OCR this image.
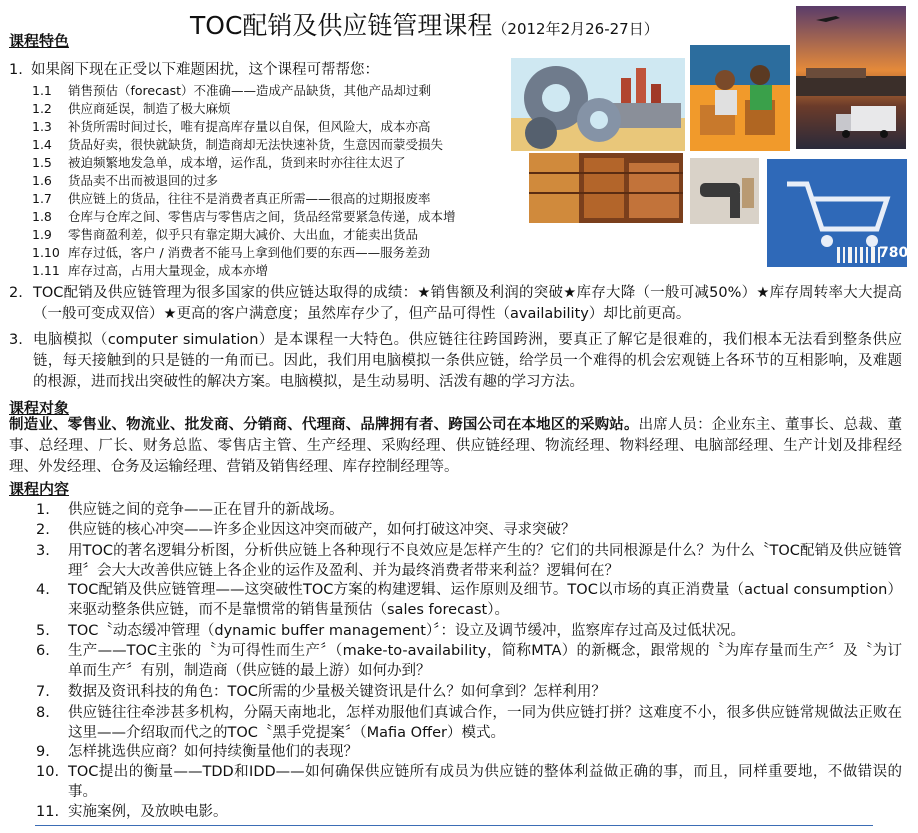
TOC配销及供应链管理课程（2012年2月26-27日）
课程特色
1. 如果阁下现在正受以下难题困扰，这个课程可帮帮您：
1.1 销售预估（forecast）不准确——造成产品缺货，其他产品却过剩
1.2 供应商延误，制造了极大麻烦
1.3 补货所需时间过长，唯有提高库存量以自保，但风险大，成本亦高
1.4 货品好卖，很快就缺货，制造商却无法快速补货，生意因而蒙受损失
1.5 被迫频繁地发急单，成本增，运作乱，货到来时亦往往太迟了
1.6 货品卖不出而被退回的过多
1.7 供应链上的货品，往往不是消费者真正所需——很高的过期报废率
1.8 仓库与仓库之间、零售店与零售店之间，货品经常要紧急传递，成本增
1.9 零售商盈利差，似乎只有靠定期大减价、大出血，才能卖出货品
1.10 库存过低，客户 / 消费者不能马上拿到他们要的东西——服务差劲
1.11 库存过高，占用大量现金，成本亦增
7802
2. TOC配销及供应链管理为很多国家的供应链达取得的成绩：★销售额及利润的突破★库存大降（一般可减50%）★库存周转率大大提高（一般可变成双倍）★更高的客户满意度；虽然库存少了，但产品可得性（availability）却比前更高。
3. 电脑模拟（computer simulation）是本课程一大特色。供应链往往跨国跨洲，要真正了解它是很难的，我们根本无法看到整条供应链，每天接触到的只是链的一角而已。因此，我们用电脑模拟一条供应链，给学员一个难得的机会宏观链上各环节的互相影响，及难题的根源，进而找出突破性的解决方案。电脑模拟，是生动易明、活泼有趣的学习方法。
课程对象
制造业、零售业、物流业、批发商、分销商、代理商、品牌拥有者、跨国公司在本地区的采购站。出席人员：企业东主、董事长、总裁、董事、总经理、厂长、财务总监、零售店主管、生产经理、采购经理、供应链经理、物流经理、物料经理、电脑部经理、生产计划及排程经理、外发经理、仓务及运输经理、营销及销售经理、库存控制经理等。
课程内容
1. 供应链之间的竞争——正在冒升的新战场。
2. 供应链的核心冲突——许多企业因这冲突而破产，如何打破这冲突、寻求突破？
3. 用TOC的著名逻辑分析图，分析供应链上各种现行不良效应是怎样产生的？它们的共同根源是什么？为什么〝TOC配销及供应链管理〞会大大改善供应链上各企业的运作及盈利、并为最终消费者带来利益？逻辑何在？
4. TOC配销及供应链管理——这突破性TOC方案的构建逻辑、运作原则及细节。TOC以市场的真正消费量（actual consumption）来驱动整条供应链，而不是靠惯常的销售量预估（sales forecast）。
5. TOC〝动态缓冲管理（dynamic buffer management）〞：设立及调节缓冲，监察库存过高及过低状况。
6. 生产——TOC主张的〝为可得性而生产〞（make-to-availability，简称MTA）的新概念，跟常规的〝为库存量而生产〞及〝为订单而生产〞有别，制造商（供应链的最上游）如何办到？
7. 数据及资讯科技的角色：TOC所需的少量极关键资讯是什么？如何拿到？怎样利用？
8. 供应链往往牵涉甚多机构，分隔天南地北，怎样劝服他们真诚合作，一同为供应链打拼？这难度不小，很多供应链常规做法正败在这里——介绍取而代之的TOC〝黑手党提案〞（Mafia Offer）模式。
9. 怎样挑选供应商？如何持续衡量他们的表现？
10. TOC提出的衡量——TDD和IDD——如何确保供应链所有成员为供应链的整体利益做正确的事，而且，同样重要地，不做错误的事。
11. 实施案例，及放映电影。
